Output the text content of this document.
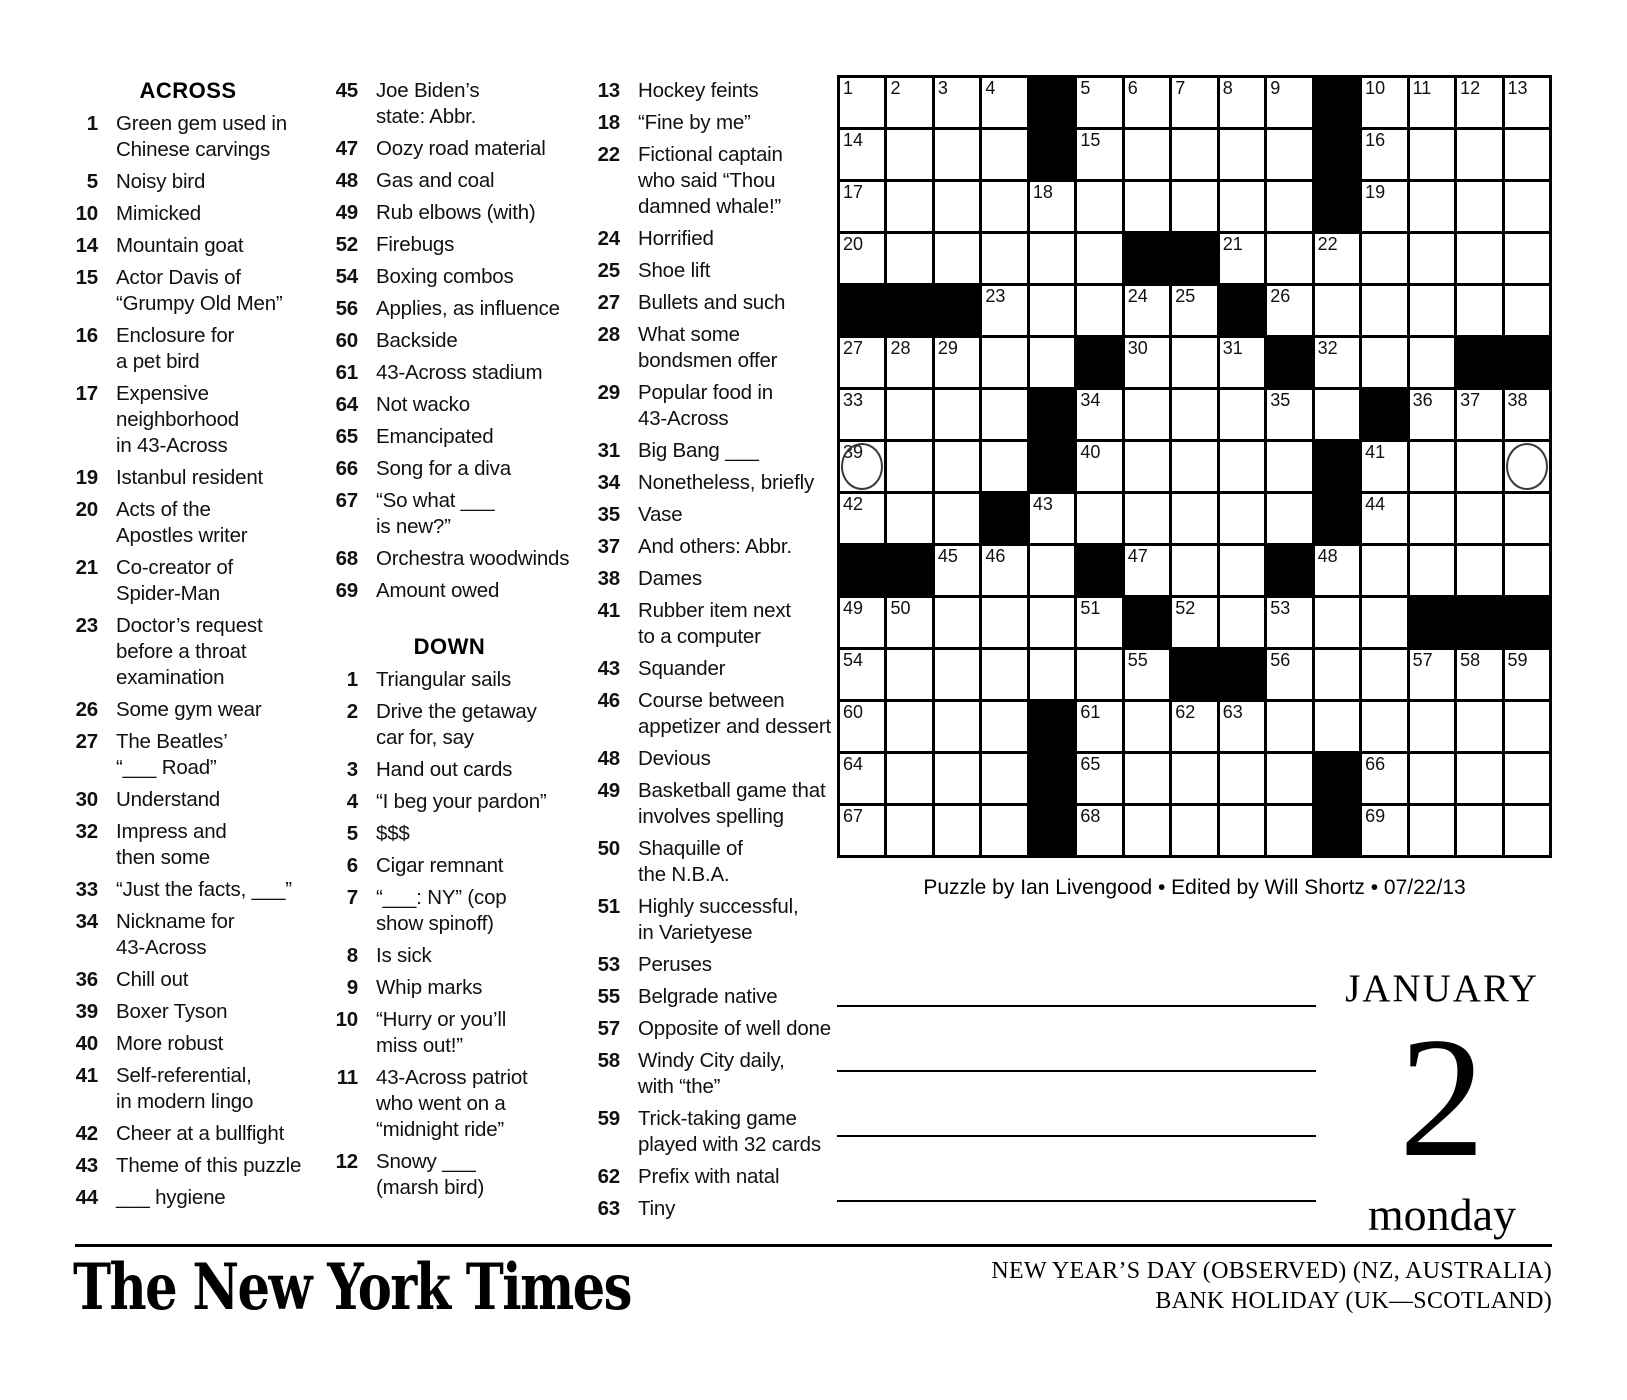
ACROSS
1 Green gem used in
Chinese carvings
5 Noisy bird
10 Mimicked
14 Mountain goat
15 Actor Davis of
“Grumpy Old Men”
16 Enclosure for
a pet bird
17 Expensive
neighborhood
in 43-Across
19 Istanbul resident
20 Acts of the
Apostles writer
21 Co-creator of
Spider-Man
23 Doctor’s request
before a throat
examination
26 Some gym wear
27 The Beatles’
“___ Road”
30 Understand
32 Impress and
then some
33 “Just the facts, ___”
34 Nickname for
43-Across
36 Chill out
39 Boxer Tyson
40 More robust
41 Self-referential,
in modern lingo
42 Cheer at a bullfight
43 Theme of this puzzle
44 ___ hygiene
45 Joe Biden’s
state: Abbr.
47 Oozy road material
48 Gas and coal
49 Rub elbows (with)
52 Firebugs
54 Boxing combos
56 Applies, as influence
60 Backside
61 43-Across stadium
64 Not wacko
65 Emancipated
66 Song for a diva
67 “So what ___
is new?”
68 Orchestra woodwinds
69 Amount owed
DOWN
1 Triangular sails
2 Drive the getaway
car for, say
3 Hand out cards
4 “I beg your pardon”
5 $$$
6 Cigar remnant
7 “___: NY” (cop
show spinoff)
8 Is sick
9 Whip marks
10 “Hurry or you’ll
miss out!”
11 43-Across patriot
who went on a
“midnight ride”
12 Snowy ___
(marsh bird)
13 Hockey feints
18 “Fine by me”
22 Fictional captain
who said “Thou
damned whale!”
24 Horrified
25 Shoe lift
27 Bullets and such
28 What some
bondsmen offer
29 Popular food in
43-Across
31 Big Bang ___
34 Nonetheless, briefly
35 Vase
37 And others: Abbr.
38 Dames
41 Rubber item next
to a computer
43 Squander
46 Course between
appetizer and dessert
48 Devious
49 Basketball game that
involves spelling
50 Shaquille of
the N.B.A.
51 Highly successful,
in Varietyese
53 Peruses
55 Belgrade native
57 Opposite of well done
58 Windy City daily,
with “the”
59 Trick-taking game
played with 32 cards
62 Prefix with natal
63 Tiny
1 2 3 4	5 6 7 8 9	10 11 12 13
14	15	16
17	18	19
20	21	22
23	24 25	26
27 28 29	30	31	32
33	34	35	36 37 38
39	40	41
42	43	44
45 46	47	48
49 50	51	52	53
54	55	56	57 58 59
60	61	62 63
64	65	66
67	68	69
Puzzle by Ian Livengood • Edited by Will Shortz • 07/22/13
JANUARY
2
monday
The New York Times	NEW YEAR’S DAY (OBSERVED) (NZ, AUSTRALIA)
BANK HOLIDAY (UK—SCOTLAND)
